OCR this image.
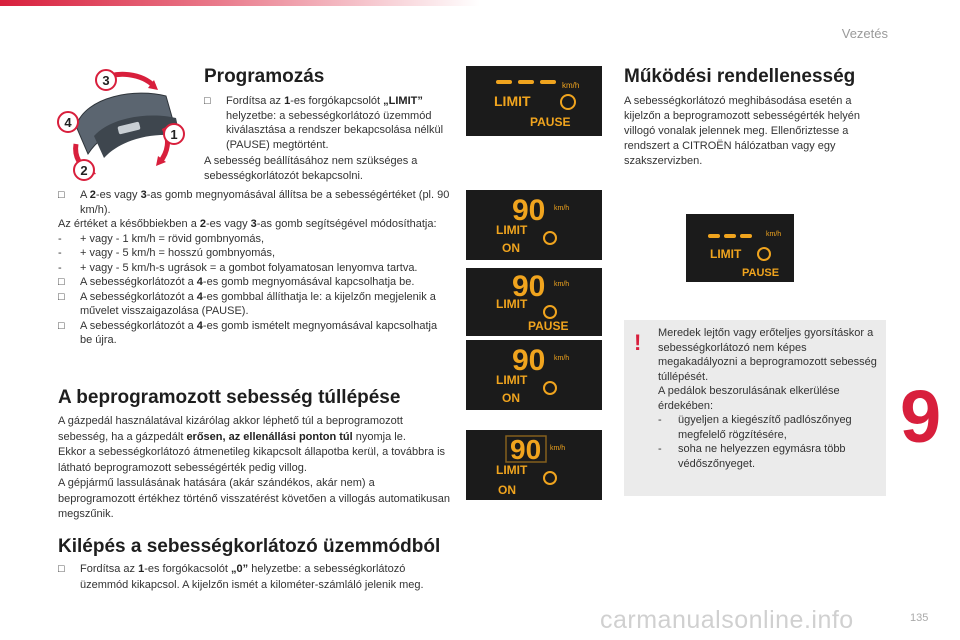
Vezetés
9
135
3
1
4
2
Programozás

□ Fordítsa az 1-es forgókapcsolót „LIMIT” helyzetbe: a sebességkorlátozó üzemmód kiválasztása a rendszer bekapcsolása nélkül (PAUSE) megtörtént.

A sebesség beállításához nem szükséges a sebességkorlátozót bekapcsolni.

□ A 2-es vagy 3-as gomb megnyomásával állítsa be a sebességértéket (pl. 90 km/h).

Az értéket a későbbiekben a 2-es vagy 3-as gomb segítségével módosíthatja:

- + vagy - 1 km/h = rövid gombnyomás,

- + vagy - 5 km/h = hosszú gombnyomás,

- + vagy - 5 km/h-s ugrások = a gombot folyamatosan lenyomva tartva.

□ A sebességkorlátozót a 4-es gomb megnyomásával kapcsolhatja be.

□ A sebességkorlátozót a 4-es gombbal állíthatja le: a kijelzőn megjelenik a művelet visszaigazolása (PAUSE).

□ A sebességkorlátozót a 4-es gomb ismételt megnyomásával kapcsolhatja be újra.

A beprogramozott sebesség túllépése

A gázpedál használatával kizárólag akkor léphető túl a beprogramozott sebesség, ha a gázpedált erősen, az ellenállási ponton túl nyomja le.

Ekkor a sebességkorlátozó átmenetileg kikapcsolt állapotba kerül, a továbbra is látható beprogramozott sebességérték pedig villog.

A gépjármű lassulásának hatására (akár szándékos, akár nem) a beprogramozott értékhez történő visszatérést követően a villogás automatikusan megszűnik.

Kilépés a sebességkorlátozó üzemmódból

□ Fordítsa az 1-es forgókacsolót „0” helyzetbe: a sebességkorlátozó üzemmód kikapcsol. A kijelzőn ismét a kilométer-számláló jelenik meg.

Működési rendellenesség
A sebességkorlátozó meghibásodása esetén a kijelzőn a beprogramozott sebességérték helyén villogó vonalak jelennek meg. Ellenőriztesse a rendszert a CITROËN hálózatban vagy egy szakszervizben.
km/h
LIMIT
PAUSE
90 km/h
LIMIT
ON
90 km/h
LIMIT
PAUSE
90 km/h
LIMIT
ON
90 km/h
LIMIT
ON
km/h
LIMIT
PAUSE
! Meredek lejtőn vagy erőteljes gyorsításkor a sebességkorlátozó nem képes megakadályozni a beprogramozott sebesség túllépését.

A pedálok beszorulásának elkerülése érdekében:

- ügyeljen a kiegészítő padlószőnyeg megfelelő rögzítésére,

- soha ne helyezzen egymásra több védőszőnyeget.

carmanualsonline.info
